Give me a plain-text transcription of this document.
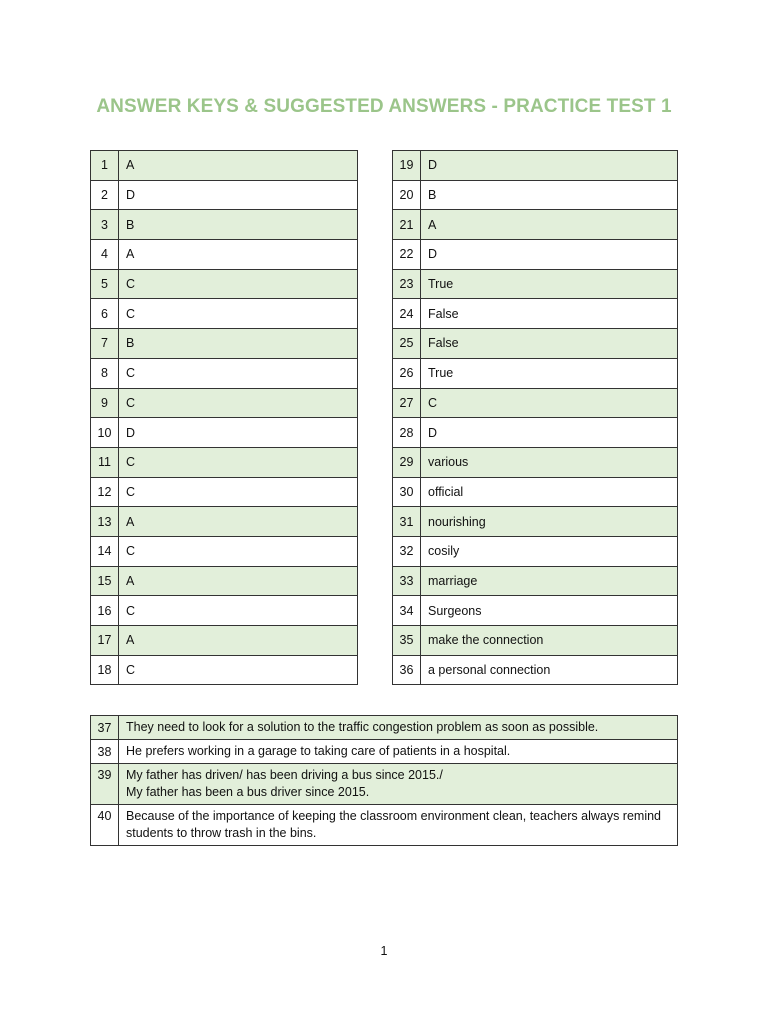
ANSWER KEYS & SUGGESTED ANSWERS - PRACTICE TEST 1
1	A
2	D
3	B
4	A
5	C
6	C
7	B
8	C
9	C
10	D
11	C
12	C
13	A
14	C
15	A
16	C
17	A
18	C
19	D
20	B
21	A
22	D
23	True
24	False
25	False
26	True
27	C
28	D
29	various
30	official
31	nourishing
32	cosily
33	marriage
34	Surgeons
35	make the connection
36	a personal connection
37	They need to look for a solution to the traffic congestion problem as soon as possible.

38	He prefers working in a garage to taking care of patients in a hospital.

39	My father has driven/ has been driving a bus since 2015./
My father has been a bus driver since 2015.

40	Because of the importance of keeping the classroom environment clean, teachers always remind students to throw trash in the bins.
1
